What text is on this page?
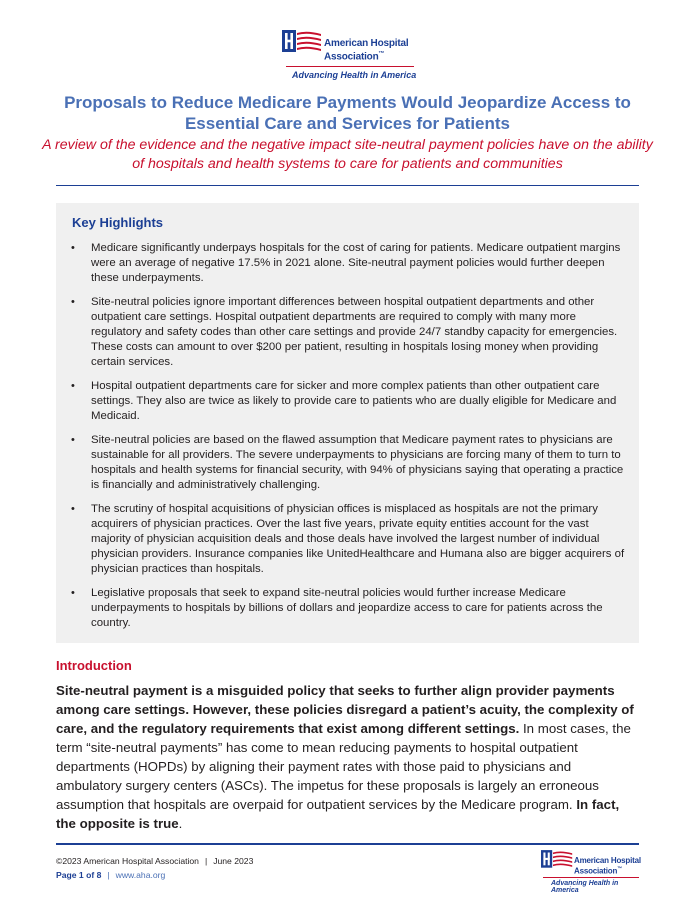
American Hospital
Association™
Advancing Health in America
Proposals to Reduce Medicare Payments Would Jeopardize Access to Essential Care and Services for Patients
A review of the evidence and the negative impact site-neutral payment policies have on the ability of hospitals and health systems to care for patients and communities
Key Highlights
• Medicare significantly underpays hospitals for the cost of caring for patients. Medicare outpatient margins were an average of negative 17.5% in 2021 alone. Site-neutral payment policies would further deepen these underpayments.
• Site-neutral policies ignore important differences between hospital outpatient departments and other outpatient care settings. Hospital outpatient departments are required to comply with many more regulatory and safety codes than other care settings and provide 24/7 standby capacity for emergencies. These costs can amount to over $200 per patient, resulting in hospitals losing money when providing certain services.
• Hospital outpatient departments care for sicker and more complex patients than other outpatient care settings. They also are twice as likely to provide care to patients who are dually eligible for Medicare and Medicaid.
• Site-neutral policies are based on the flawed assumption that Medicare payment rates to physicians are sustainable for all providers. The severe underpayments to physicians are forcing many of them to turn to hospitals and health systems for financial security, with 94% of physicians saying that operating a practice is financially and administratively challenging.
• The scrutiny of hospital acquisitions of physician offices is misplaced as hospitals are not the primary acquirers of physician practices. Over the last five years, private equity entities account for the vast majority of physician acquisition deals and those deals have involved the largest number of individual physician providers. Insurance companies like UnitedHealthcare and Humana also are bigger acquirers of physician practices than hospitals.
• Legislative proposals that seek to expand site-neutral policies would further increase Medicare underpayments to hospitals by billions of dollars and jeopardize access to care for patients across the country.
Introduction

Site-neutral payment is a misguided policy that seeks to further align provider payments among care settings. However, these policies disregard a patient’s acuity, the complexity of care, and the regulatory requirements that exist among different settings. In most cases, the term “site-neutral payments” has come to mean reducing payments to hospital outpatient departments (HOPDs) by aligning their payment rates with those paid to physicians and ambulatory surgery centers (ASCs). The impetus for these proposals is largely an erroneous assumption that hospitals are overpaid for outpatient services by the Medicare program. In fact, the opposite is true.

©2023 American Hospital Association | June 2023
Page 1 of 8 | www.aha.org
American Hospital
Association™
Advancing Health in America
